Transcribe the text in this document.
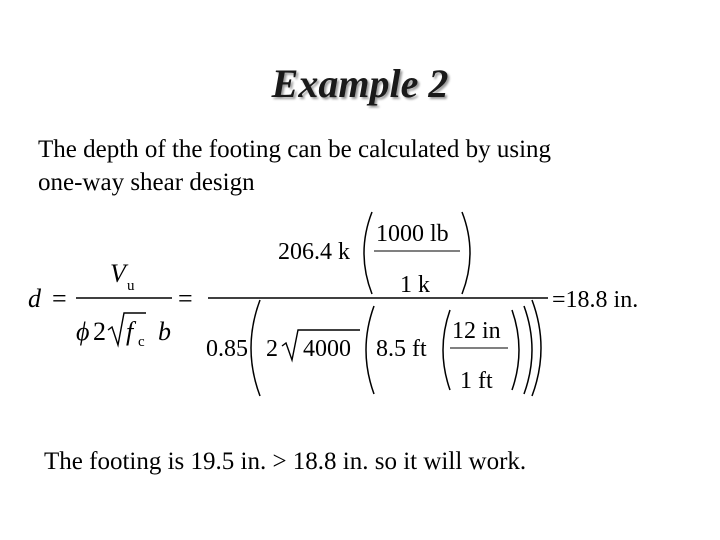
Example 2
The depth of the footing can be calculated by using
one-way shear design
d =
V u
ϕ 2 f c b
=
206.4 k
1000 lb
1 k
0.85 2 4000 8.5 ft
12 in
1 ft
=18.8 in.
The footing is 19.5 in. > 18.8 in. so it will work.
